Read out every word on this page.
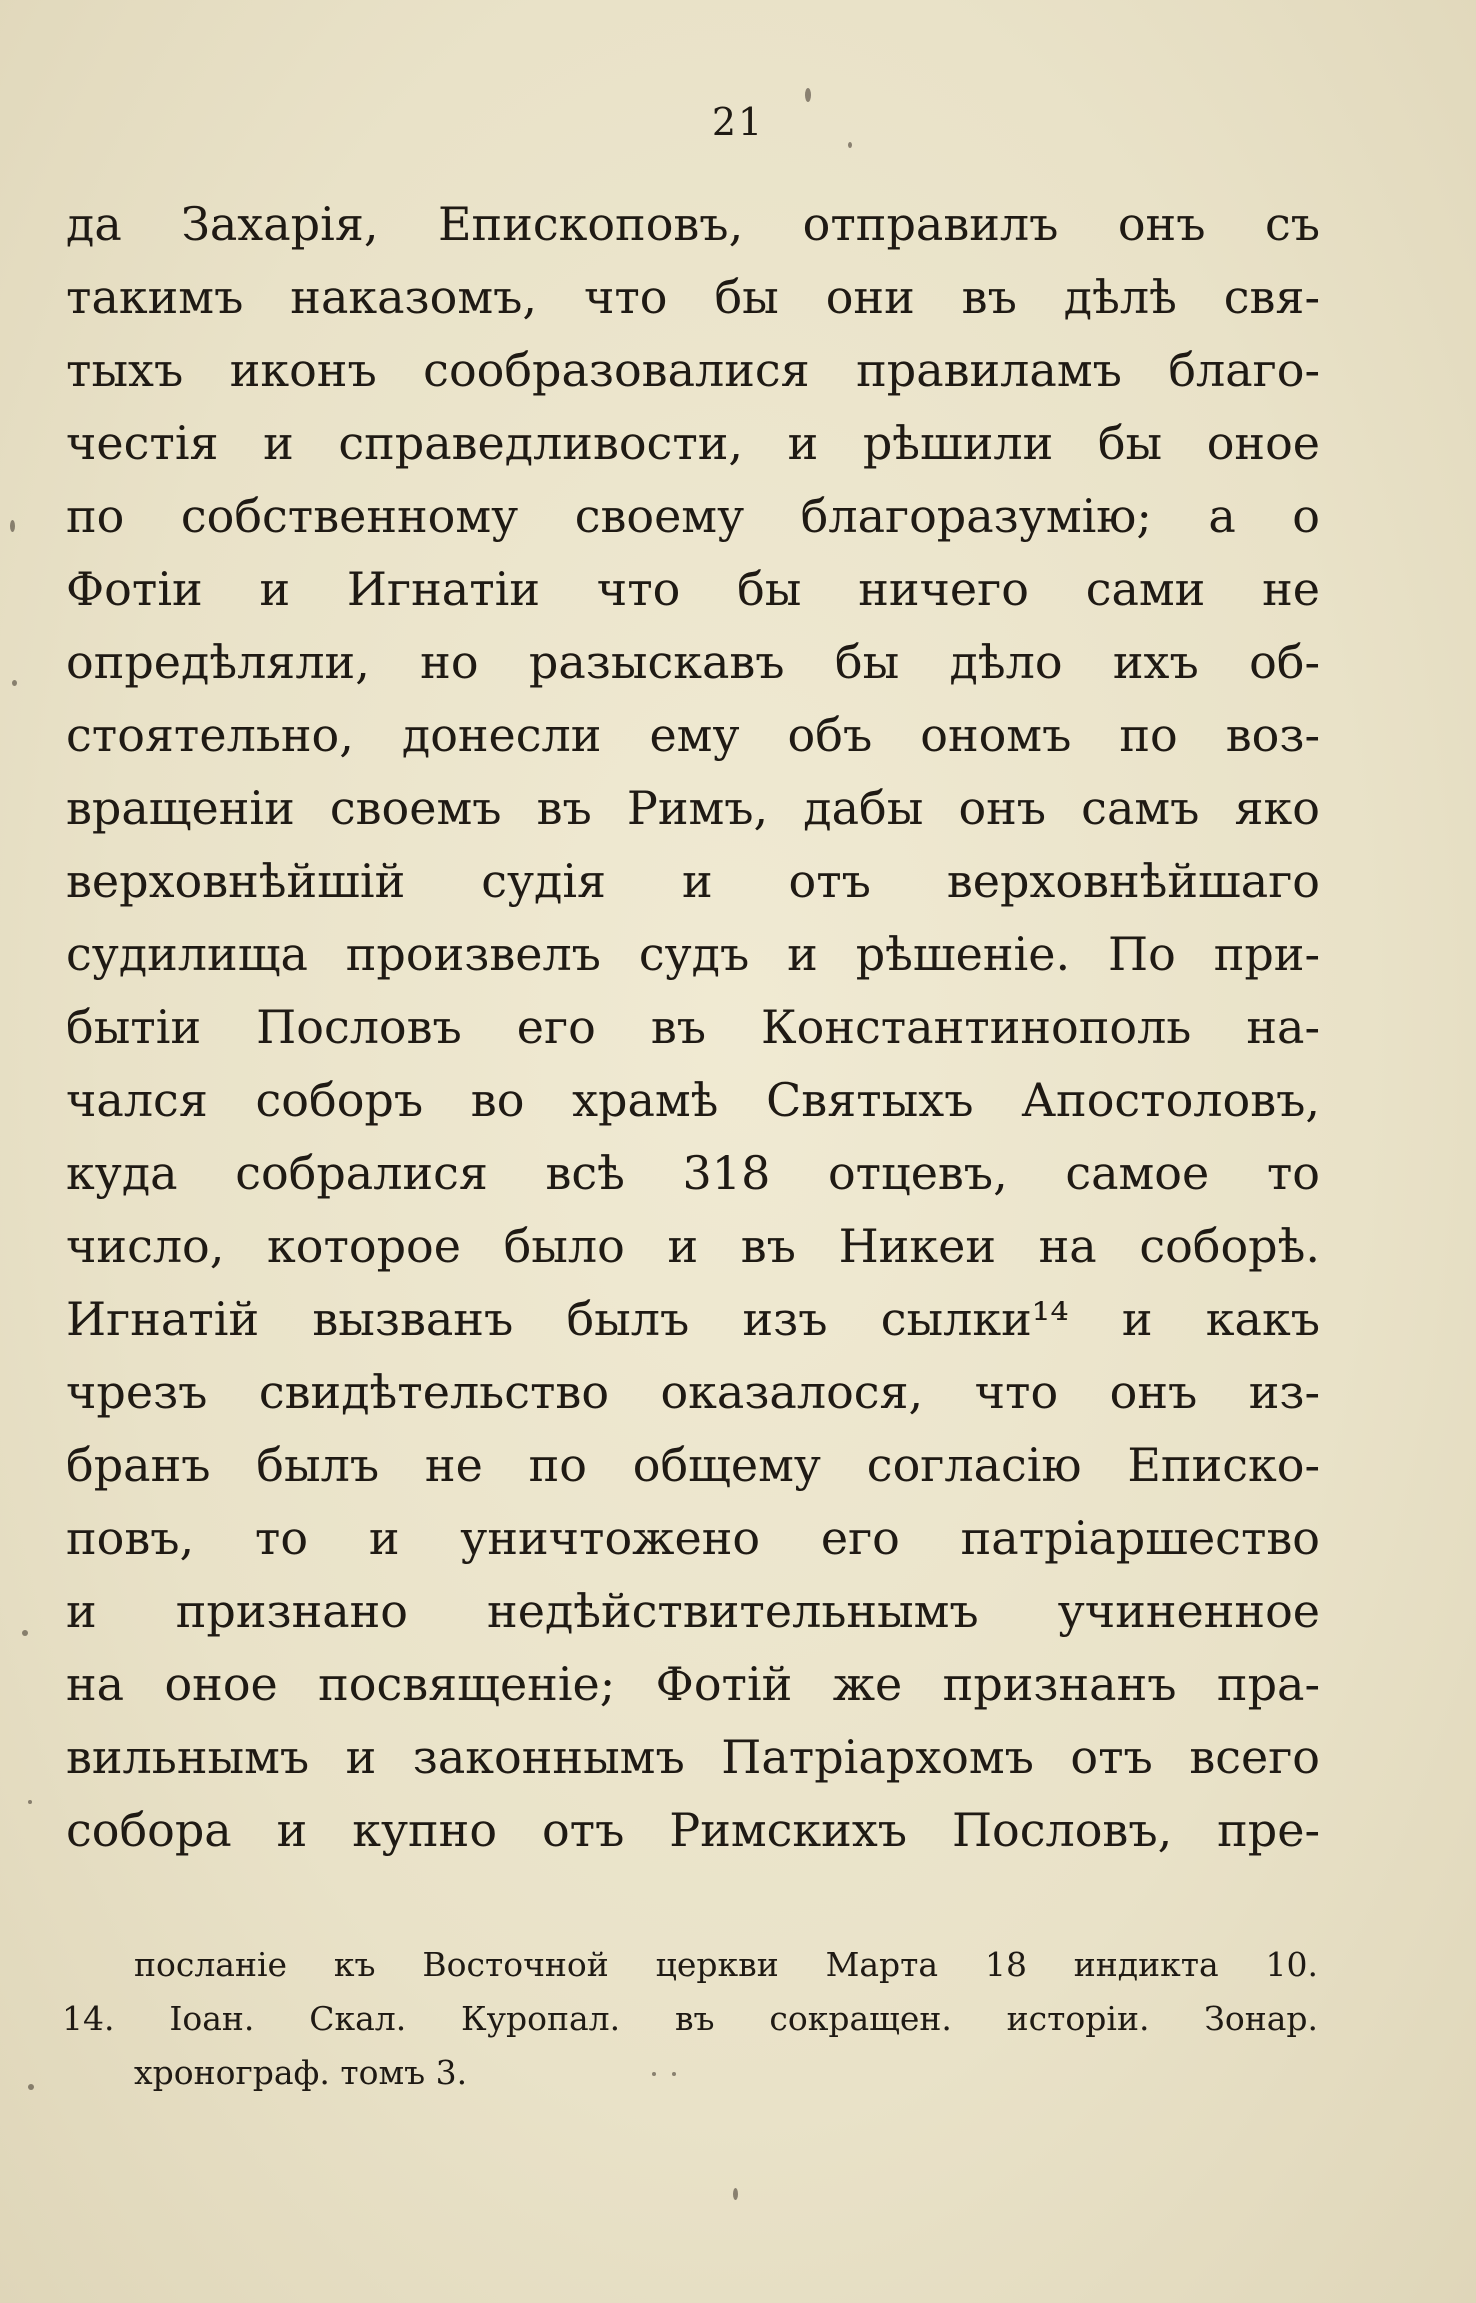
21
да Захарія, Епископовъ, отправилъ онъ съ
такимъ наказомъ, что бы они въ дѣлѣ свя-
тыхъ иконъ сообразовалися правиламъ благо-
честія и справедливости, и рѣшили бы оное
по собственному своему благоразумію; а о
Фотіи и Игнатіи что бы ничего сами не
опредѣляли, но разыскавъ бы дѣло ихъ об-
стоятельно, донесли ему объ ономъ по воз-
вращеніи своемъ въ Римъ, дабы онъ самъ яко
верховнѣйшій судія и отъ верховнѣйшаго
судилища произвелъ судъ и рѣшеніе. По при-
бытіи Пословъ его въ Константинополь на-
чался соборъ во храмѣ Святыхъ Апостоловъ,
куда собралися всѣ 318 отцевъ, самое то
число, которое было и въ Никеи на соборѣ.
Игнатій вызванъ былъ изъ сылки¹⁴ и какъ
чрезъ свидѣтельство оказалося, что онъ из-
бранъ былъ не по общему согласію Еписко-
повъ, то и уничтожено его патріаршество
и признано недѣйствительнымъ учиненное
на оное посвященіе; Фотій же признанъ пра-
вильнымъ и законнымъ Патріархомъ отъ всего
собора и купно отъ Римскихъ Пословъ, пре-
посланіе къ Восточной церкви Марта 18 индикта 10.
14. Іоан. Скал. Куропал. въ сокращен. исторіи. Зонар.
хронограф. томъ 3.
